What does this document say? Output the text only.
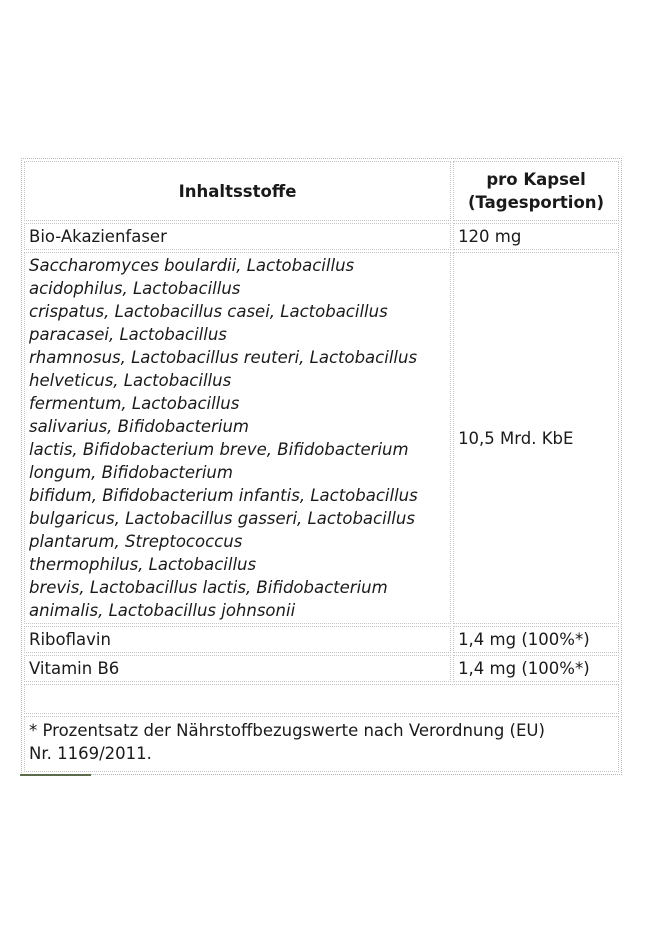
Inhaltsstoffe	pro Kapsel
(Tagesportion)

Bio-Akazienfaser	120 mg

Saccharomyces boulardii, Lactobacillus
acidophilus, Lactobacillus
crispatus, Lactobacillus casei, Lactobacillus
paracasei, Lactobacillus
rhamnosus, Lactobacillus reuteri, Lactobacillus
helveticus, Lactobacillus
fermentum, Lactobacillus
salivarius, Bifidobacterium
lactis, Bifidobacterium breve, Bifidobacterium
longum, Bifidobacterium
bifidum, Bifidobacterium infantis, Lactobacillus
bulgaricus, Lactobacillus gasseri, Lactobacillus
plantarum, Streptococcus
thermophilus, Lactobacillus
brevis, Lactobacillus lactis, Bifidobacterium
animalis, Lactobacillus johnsonii
	10,5 Mrd. KbE
Riboflavin	1,4 mg (100%*)
Vitamin B6	1,4 mg (100%*)

* Prozentsatz der Nährstoffbezugswerte nach Verordnung (EU)
Nr. 1169/2011.	
